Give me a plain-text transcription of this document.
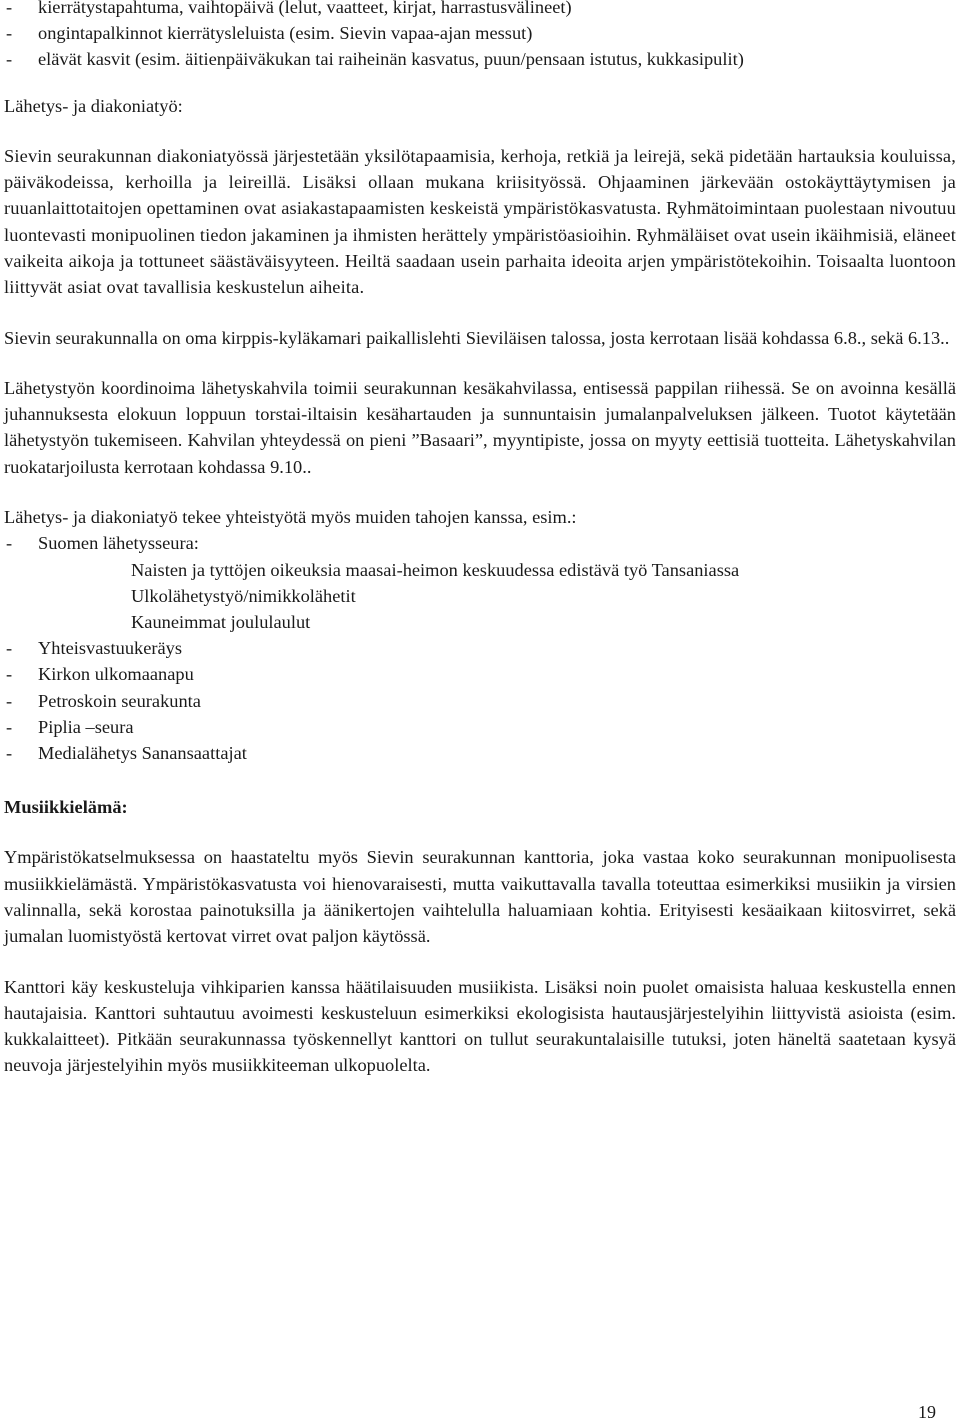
- kierrätystapahtuma, vaihtopäivä (lelut, vaatteet, kirjat, harrastusvälineet)
- ongintapalkinnot kierrätysleluista (esim. Sievin vapaa-ajan messut)
- elävät kasvit (esim. äitienpäiväkukan tai raiheinän kasvatus, puun/pensaan istutus, kukkasipulit)
Lähetys- ja diakoniatyö:

Sievin seurakunnan diakoniatyössä järjestetään yksilötapaamisia, kerhoja, retkiä ja leirejä, sekä pidetään hartauksia kouluissa, päiväkodeissa, kerhoilla ja leireillä. Lisäksi ollaan mukana kriisityössä. Ohjaaminen järkevään ostokäyttäytymisen ja ruuanlaittotaitojen opettaminen ovat asiakastapaamisten keskeistä ympäristökasvatusta. Ryhmätoimintaan puolestaan nivoutuu luontevasti monipuolinen tiedon jakaminen ja ihmisten herättely ympäristöasioihin. Ryhmäläiset ovat usein ikäihmisiä, eläneet vaikeita aikoja ja tottuneet säästäväisyyteen. Heiltä saadaan usein parhaita ideoita arjen ympäristötekoihin. Toisaalta luontoon liittyvät asiat ovat tavallisia keskustelun aiheita.

Sievin seurakunnalla on oma kirppis-kyläkamari paikallislehti Sieviläisen talossa, josta kerrotaan lisää kohdassa 6.8., sekä 6.13..

Lähetystyön koordinoima lähetyskahvila toimii seurakunnan kesäkahvilassa, entisessä pappilan riihessä. Se on avoinna kesällä juhannuksesta elokuun loppuun torstai-iltaisin kesähartauden ja sunnuntaisin jumalanpalveluksen jälkeen. Tuotot käytetään lähetystyön tukemiseen. Kahvilan yhteydessä on pieni ”Basaari”, myyntipiste, jossa on myyty eettisiä tuotteita. Lähetyskahvilan ruokatarjoilusta kerrotaan kohdassa 9.10..

Lähetys- ja diakoniatyö tekee yhteistyötä myös muiden tahojen kanssa, esim.:

- Suomen lähetysseura:
Naisten ja tyttöjen oikeuksia maasai-heimon keskuudessa edistävä työ Tansaniassa
Ulkolähetystyö/nimikkolähetit
Kauneimmat joululaulut
- Yhteisvastuukeräys
- Kirkon ulkomaanapu
- Petroskoin seurakunta
- Piplia –seura
- Medialähetys Sanansaattajat
Musiikkielämä:

Ympäristökatselmuksessa on haastateltu myös Sievin seurakunnan kanttoria, joka vastaa koko seurakunnan monipuolisesta musiikkielämästä. Ympäristökasvatusta voi hienovaraisesti, mutta vaikuttavalla tavalla toteuttaa esimerkiksi musiikin ja virsien valinnalla, sekä korostaa painotuksilla ja äänikertojen vaihtelulla haluamiaan kohtia. Erityisesti kesäaikaan kiitosvirret, sekä jumalan luomistyöstä kertovat virret ovat paljon käytössä.

Kanttori käy keskusteluja vihkiparien kanssa häätilaisuuden musiikista. Lisäksi noin puolet omaisista haluaa keskustella ennen hautajaisia. Kanttori suhtautuu avoimesti keskusteluun esimerkiksi ekologisista hautausjärjestelyihin liittyvistä asioista (esim. kukkalaitteet). Pitkään seurakunnassa työskennellyt kanttori on tullut seurakuntalaisille tutuksi, joten häneltä saatetaan kysyä neuvoja järjestelyihin myös musiikkiteeman ulkopuolelta.

19
